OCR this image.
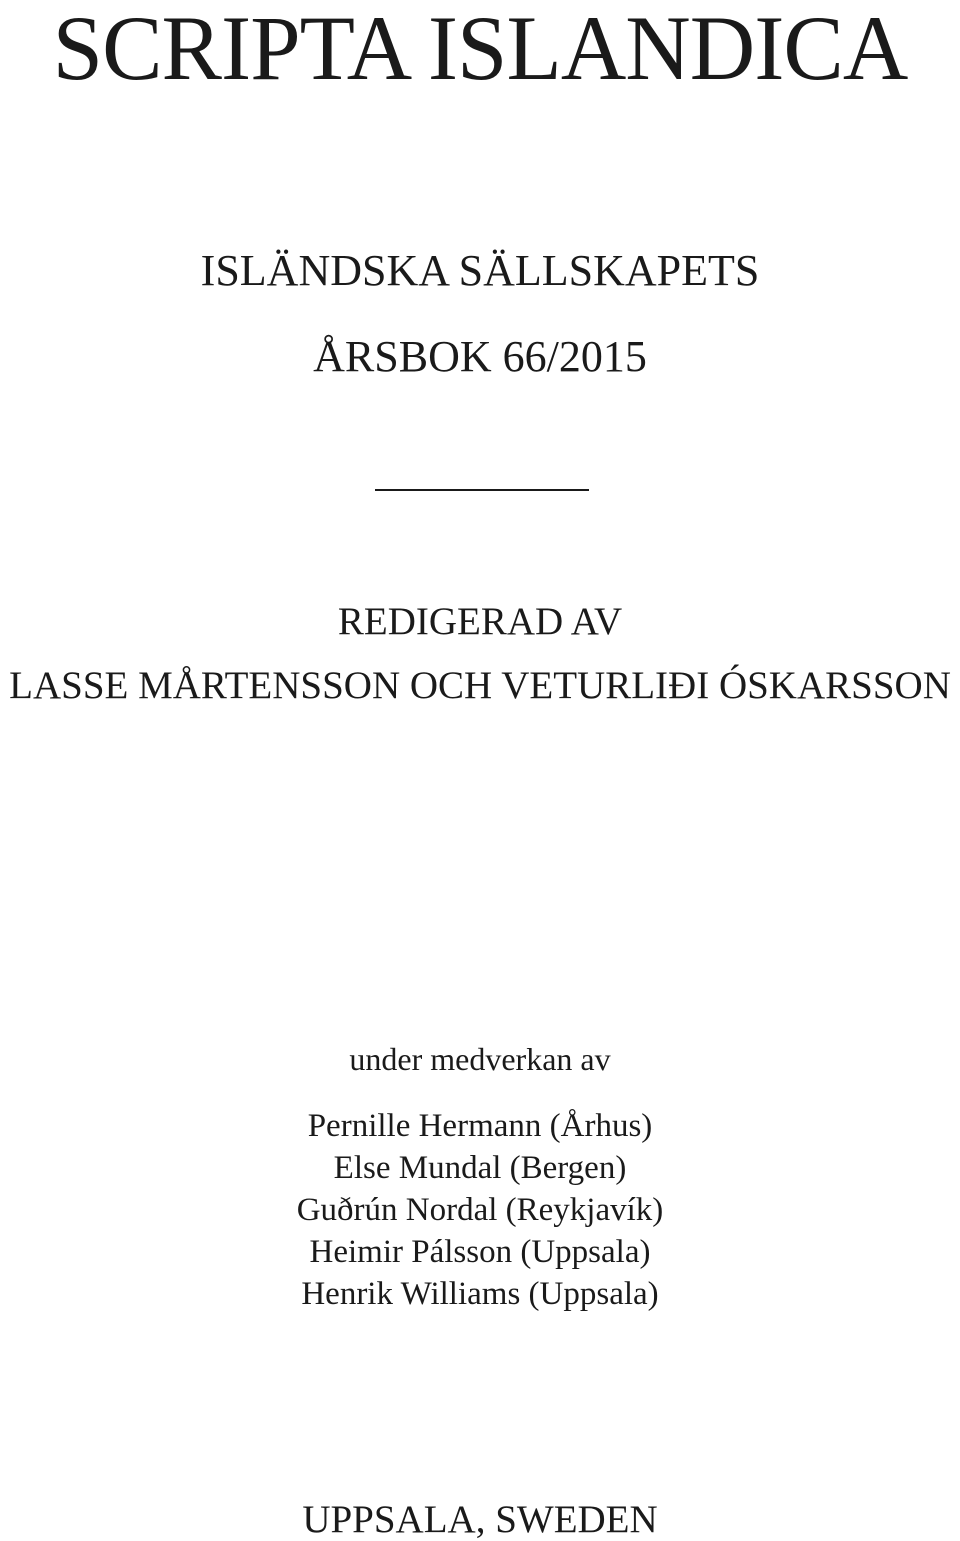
SCRIPTA ISLANDICA
ISLÄNDSKA SÄLLSKAPETS
ÅRSBOK 66/2015
REDIGERAD AV
LASSE MÅRTENSSON OCH VETURLIÐI ÓSKARSSON
under medverkan av
Pernille Hermann (Århus)
Else Mundal (Bergen)
Guðrún Nordal (Reykjavík)
Heimir Pálsson (Uppsala)
Henrik Williams (Uppsala)
UPPSALA, SWEDEN
